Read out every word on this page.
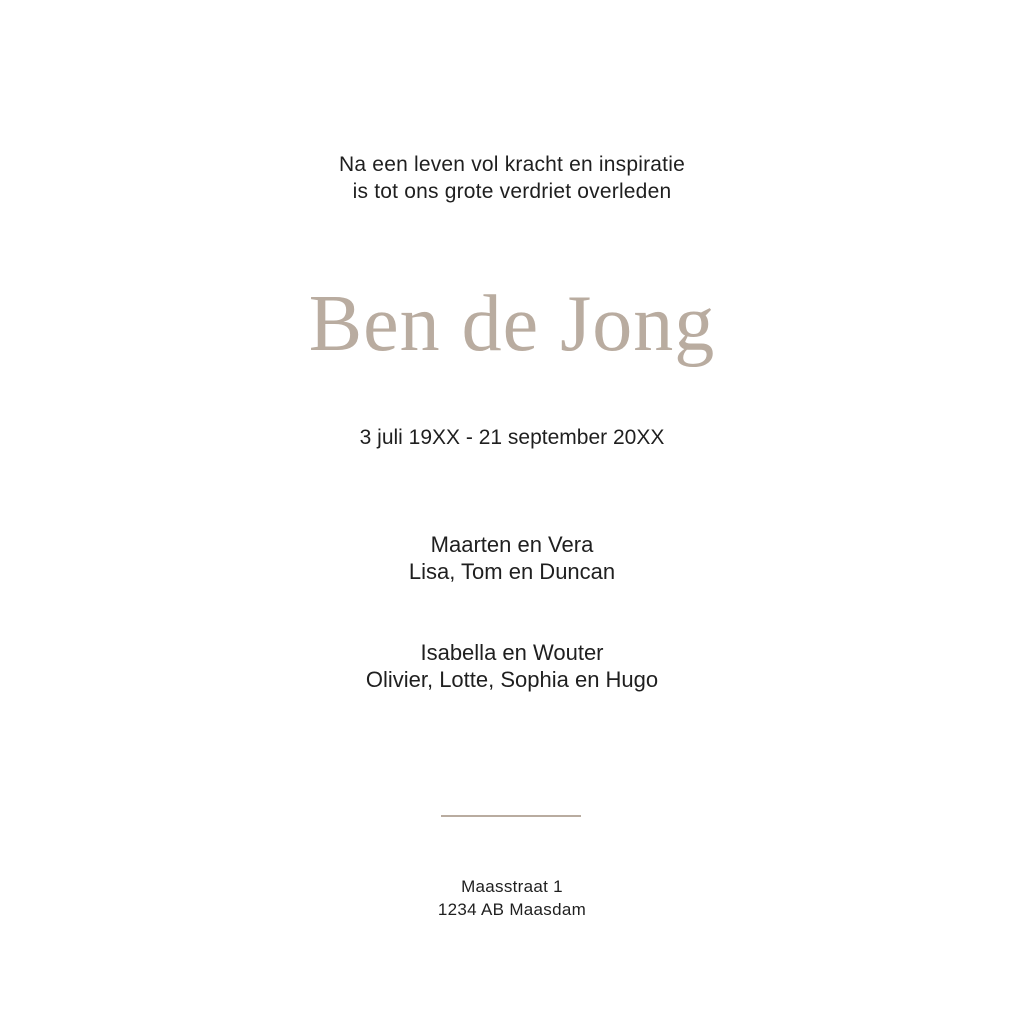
Na een leven vol kracht en inspiratie
is tot ons grote verdriet overleden
Ben de Jong
3 juli 19XX - 21 september 20XX
Maarten en Vera
Lisa, Tom en Duncan
Isabella en Wouter
Olivier, Lotte, Sophia en Hugo
Maasstraat 1
1234 AB Maasdam
